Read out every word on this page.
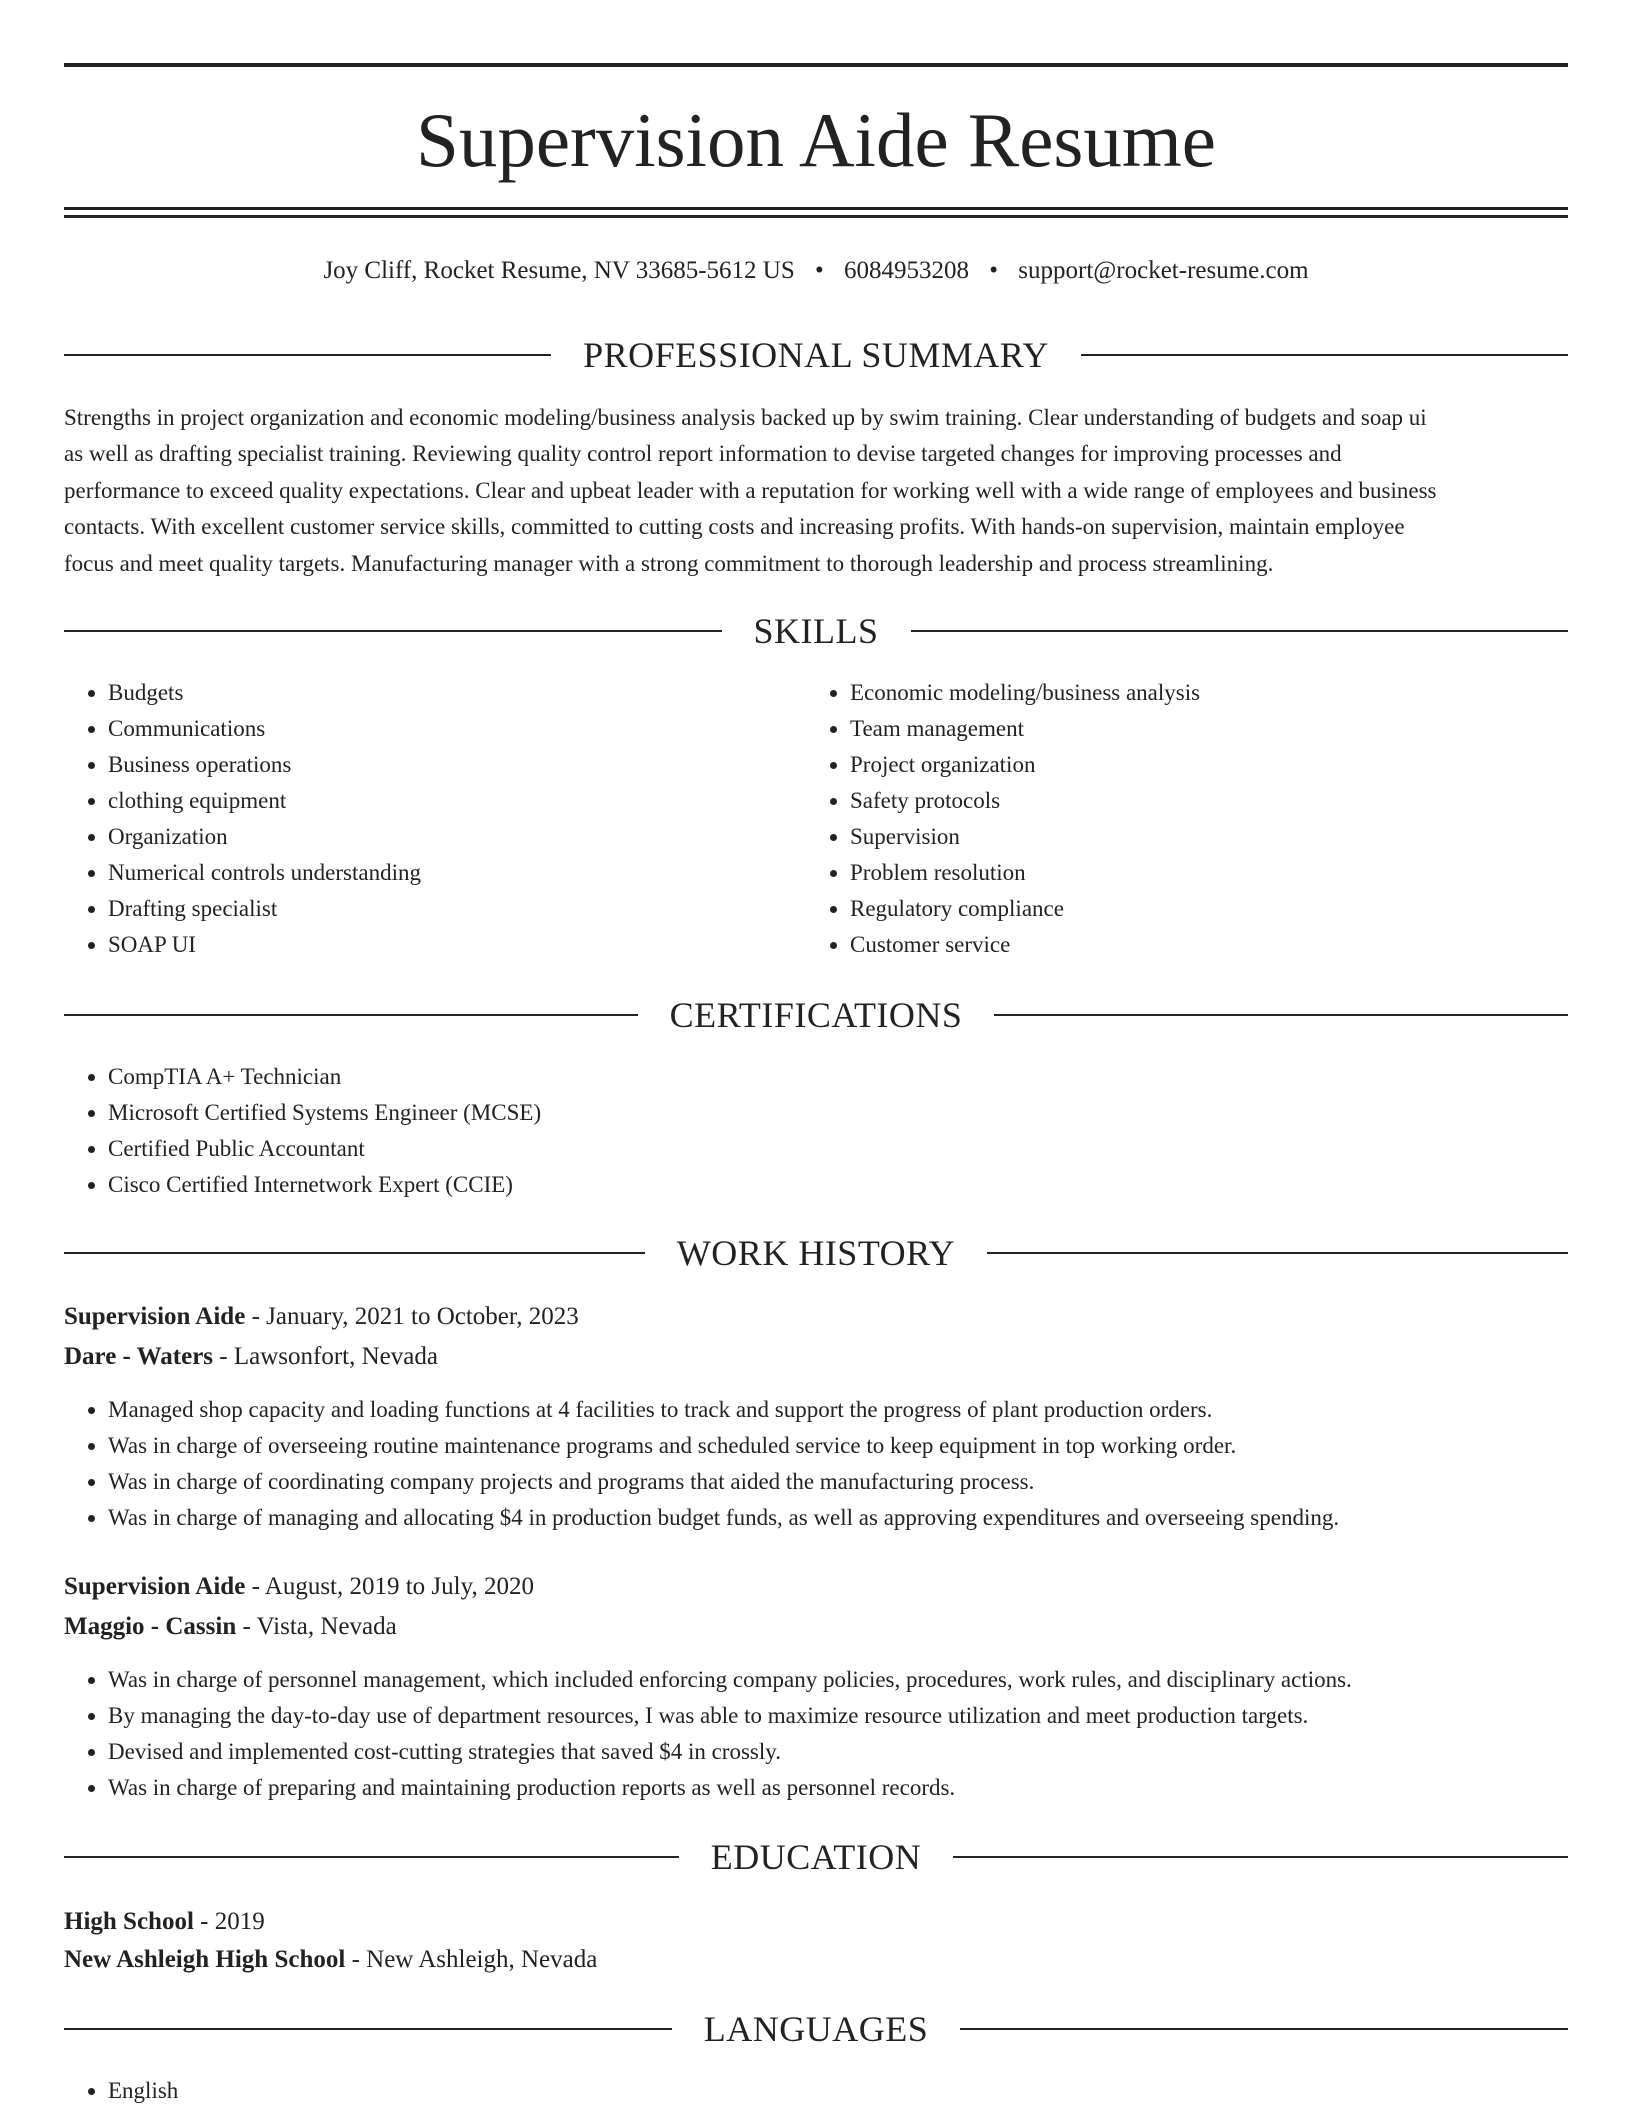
Supervision Aide Resume
Joy Cliff, Rocket Resume, NV 33685-5612 US • 6084953208 • support@rocket-resume.com
PROFESSIONAL SUMMARY
Strengths in project organization and economic modeling/business analysis backed up by swim training. Clear understanding of budgets and soap ui
as well as drafting specialist training. Reviewing quality control report information to devise targeted changes for improving processes and
performance to exceed quality expectations. Clear and upbeat leader with a reputation for working well with a wide range of employees and business
contacts. With excellent customer service skills, committed to cutting costs and increasing profits. With hands-on supervision, maintain employee
focus and meet quality targets. Manufacturing manager with a strong commitment to thorough leadership and process streamlining.
SKILLS
• Budgets
• Communications
• Business operations
• clothing equipment
• Organization
• Numerical controls understanding
• Drafting specialist
• SOAP UI
• Economic modeling/business analysis
• Team management
• Project organization
• Safety protocols
• Supervision
• Problem resolution
• Regulatory compliance
• Customer service
CERTIFICATIONS
• CompTIA A+ Technician
• Microsoft Certified Systems Engineer (MCSE)
• Certified Public Accountant
• Cisco Certified Internetwork Expert (CCIE)
WORK HISTORY
Supervision Aide - January, 2021 to October, 2023
Dare - Waters - Lawsonfort, Nevada
• Managed shop capacity and loading functions at 4 facilities to track and support the progress of plant production orders.
• Was in charge of overseeing routine maintenance programs and scheduled service to keep equipment in top working order.
• Was in charge of coordinating company projects and programs that aided the manufacturing process.
• Was in charge of managing and allocating $4 in production budget funds, as well as approving expenditures and overseeing spending.
Supervision Aide - August, 2019 to July, 2020
Maggio - Cassin - Vista, Nevada
• Was in charge of personnel management, which included enforcing company policies, procedures, work rules, and disciplinary actions.
• By managing the day-to-day use of department resources, I was able to maximize resource utilization and meet production targets.
• Devised and implemented cost-cutting strategies that saved $4 in crossly.
• Was in charge of preparing and maintaining production reports as well as personnel records.
EDUCATION
High School - 2019
New Ashleigh High School - New Ashleigh, Nevada
LANGUAGES
• English
